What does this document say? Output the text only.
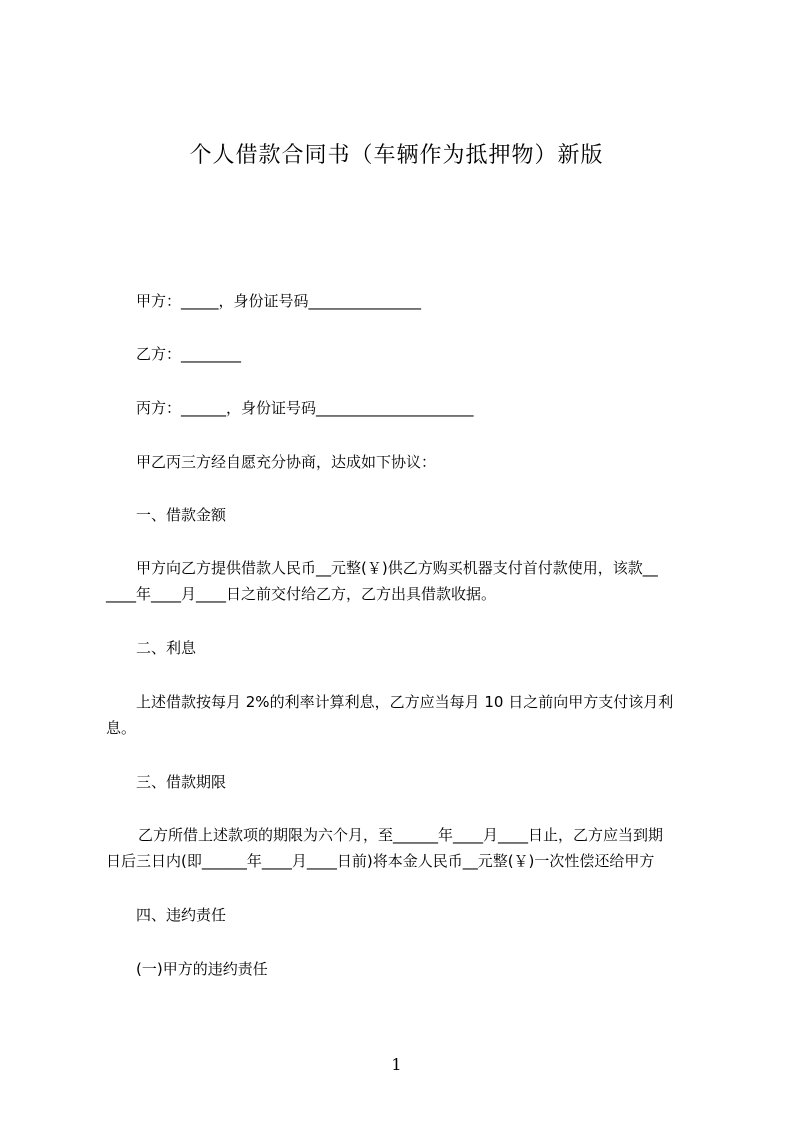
个人借款合同书（车辆作为抵押物）新版

甲方：_____，身份证号码_______________

乙方：________

丙方：______，身份证号码_____________________

甲乙丙三方经自愿充分协商，达成如下协议：

一、借款金额

甲方向乙方提供借款人民币__元整(￥)供乙方购买机器支付首付款使用，该款__

____年____月____日之前交付给乙方，乙方出具借款收据。

二、利息

上述借款按每月 2%的利率计算利息，乙方应当每月 10 日之前向甲方支付该月利

息。

三、借款期限

乙方所借上述款项的期限为六个月，至______年____月____日止，乙方应当到期

日后三日内(即______年____月____日前)将本金人民币__元整(￥)一次性偿还给甲方

四、违约责任

(一)甲方的违约责任

1
